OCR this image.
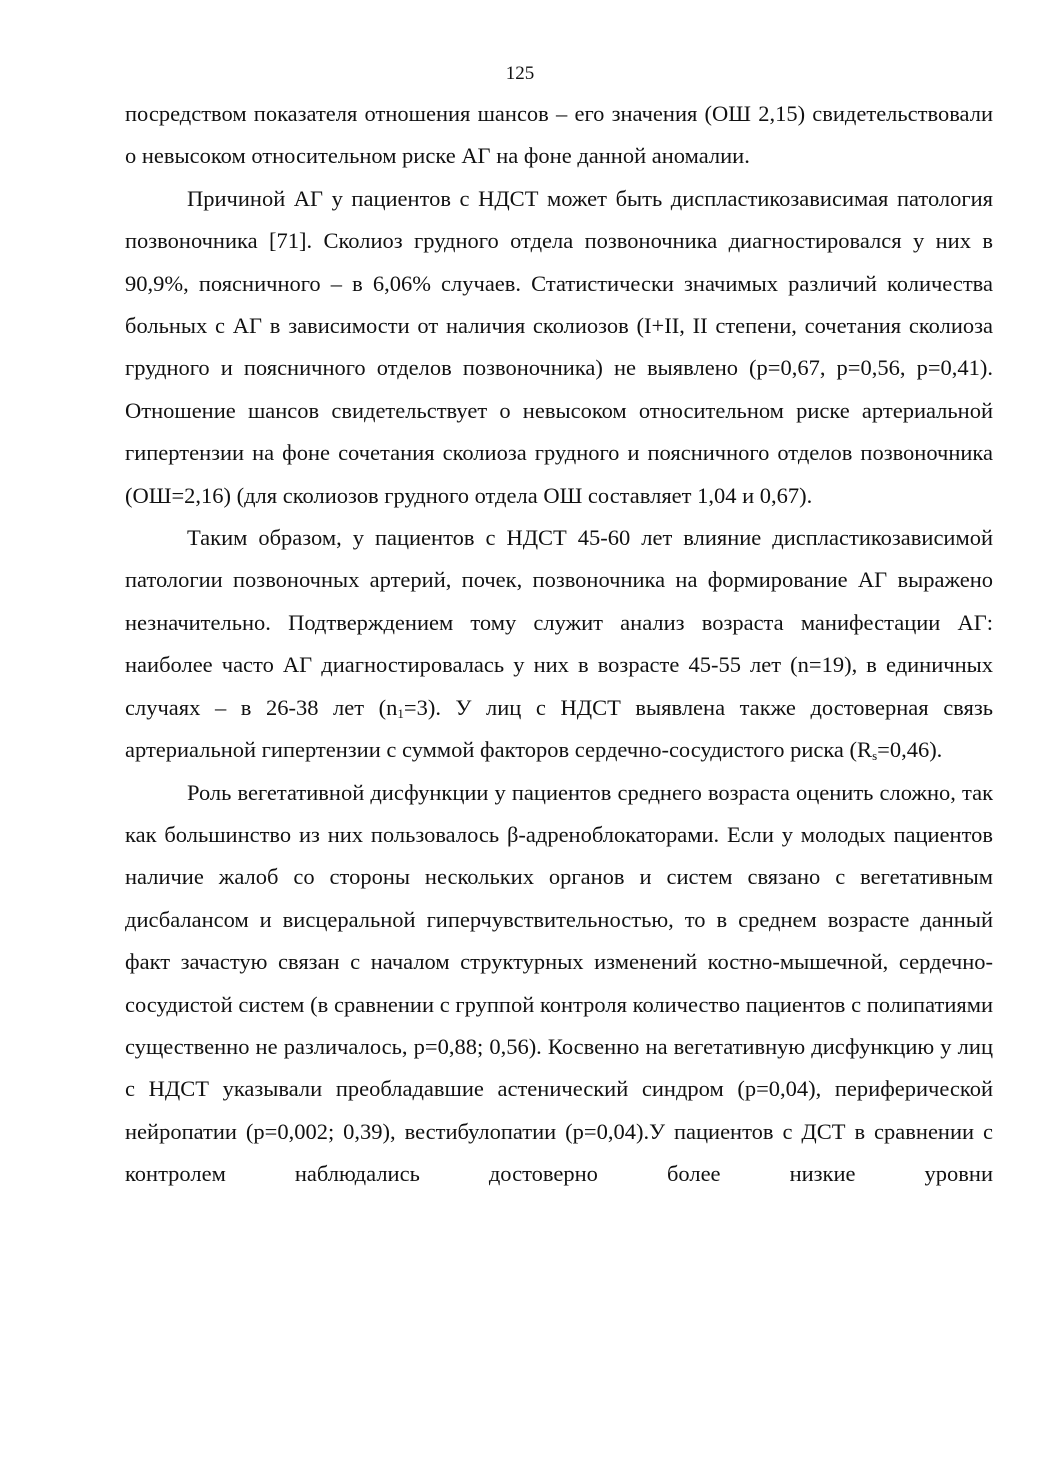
125

посредством показателя отношения шансов – его значения (ОШ 2,15) свидетельствовали о невысоком относительном риске АГ на фоне данной аномалии.

Причиной АГ у пациентов с НДСТ может быть диспластикозависимая патология позвоночника [71]. Сколиоз грудного отдела позвоночника диагностировался у них в 90,9%, поясничного – в 6,06% случаев. Статистически значимых различий количества больных с АГ в зависимости от наличия сколиозов (I+II, II степени, сочетания сколиоза грудного и поясничного отделов позвоночника) не выявлено (р=0,67, р=0,56, р=0,41). Отношение шансов свидетельствует о невысоком относительном риске артериальной гипертензии на фоне сочетания сколиоза грудного и поясничного отделов позвоночника (ОШ=2,16) (для сколиозов грудного отдела ОШ составляет 1,04 и 0,67).

Таким образом, у пациентов с НДСТ 45-60 лет влияние диспластикозависимой патологии позвоночных артерий, почек, позвоночника на формирование АГ выражено незначительно. Подтверждением тому служит анализ возраста манифестации АГ: наиболее часто АГ диагностировалась у них в возрасте 45-55 лет (n=19), в единичных случаях – в 26-38 лет $(n_1=3)$. У лиц с НДСТ выявлена также достоверная связь артериальной гипертензии с суммой факторов сердечно-сосудистого риска $(R_s=0,46)$.

Роль вегетативной дисфункции у пациентов среднего возраста оценить сложно, так как большинство из них пользовалось β-адреноблокаторами. Если у молодых пациентов наличие жалоб со стороны нескольких органов и систем связано с вегетативным дисбалансом и висцеральной гиперчувствительностью, то в среднем возрасте данный факт зачастую связан с началом структурных изменений костно-мышечной, сердечно-сосудистой систем (в сравнении с группой контроля количество пациентов с полипатиями существенно не различалось, р=0,88; 0,56). Косвенно на вегетативную дисфункцию у лиц с НДСТ указывали преобладавшие астенический синдром (р=0,04), периферической нейропатии (р=0,002; 0,39), вестибулопатии (р=0,04).У пациентов с ДСТ в сравнении с контролем наблюдались достоверно более низкие уровни
